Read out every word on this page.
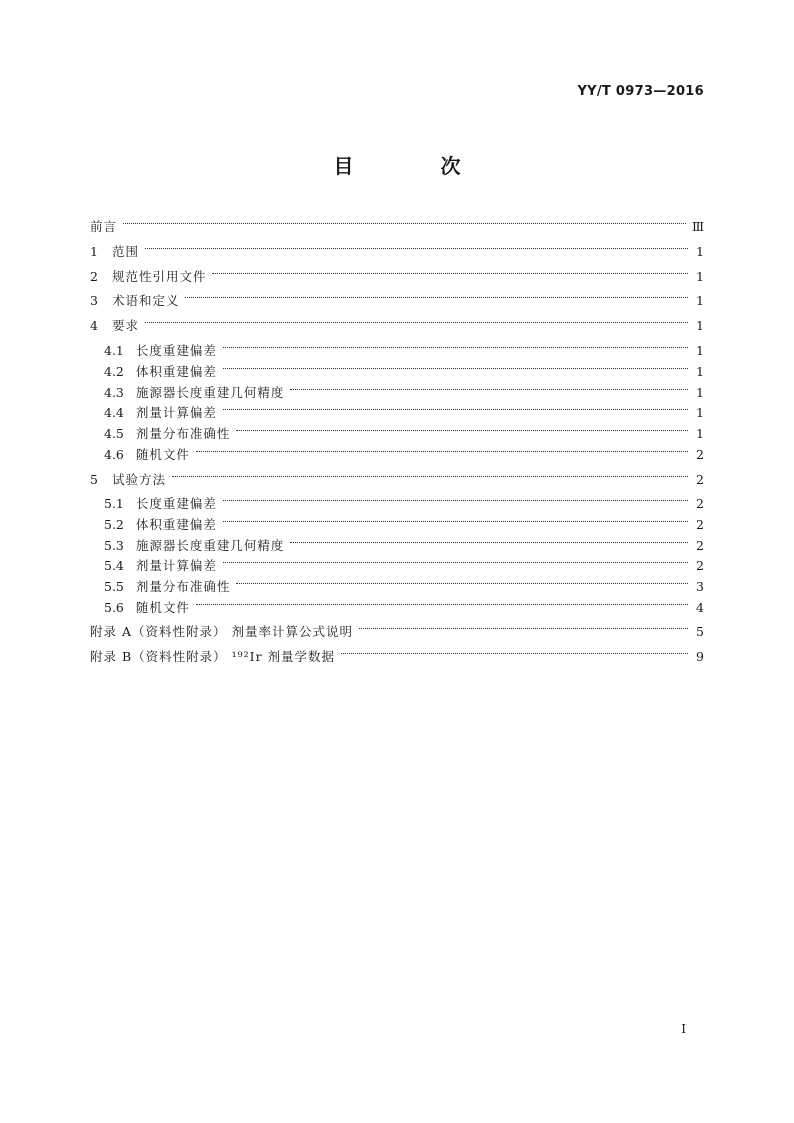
YY/T 0973—2016
目 次
前言	Ⅲ
1 范围	1
2 规范性引用文件	1
3 术语和定义	1
4 要求	1
4.1 长度重建偏差	1
4.2 体积重建偏差	1
4.3 施源器长度重建几何精度	1
4.4 剂量计算偏差	1
4.5 剂量分布准确性	1
4.6 随机文件	2
5 试验方法	2
5.1 长度重建偏差	2
5.2 体积重建偏差	2
5.3 施源器长度重建几何精度	2
5.4 剂量计算偏差	2
5.5 剂量分布准确性	3
5.6 随机文件	4
附录 A（资料性附录） 剂量率计算公式说明	5
附录 B（资料性附录） ¹⁹²Ir 剂量学数据	9
I
